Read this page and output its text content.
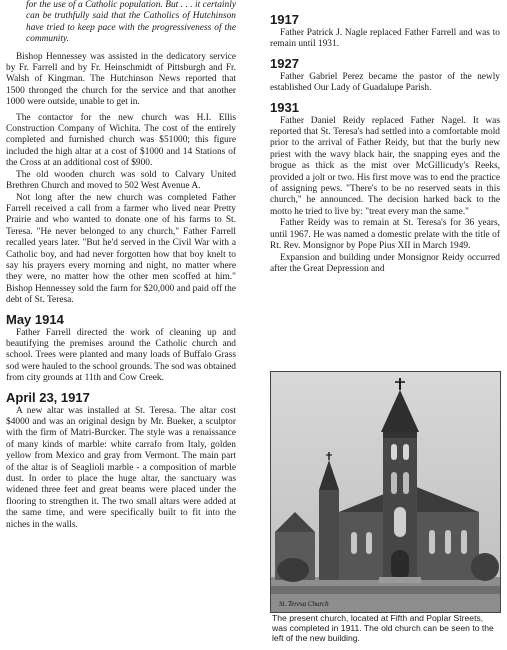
for the use of a Catholic population. But . . . it certainly can be truthfully said that the Catholics of Hutchinson have tried to keep pace with the progressiveness of the community.

Bishop Hennessey was assisted in the dedicatory service by Fr. Farrell and by Fr. Heinschmidt of Pittsburgh and Fr. Walsh of Kingman. The Hutchinson News reported that 1500 thronged the church for the service and that another 1000 were outside, unable to get in.

The contactor for the new church was H.I. Ellis Construction Company of Wichita. The cost of the entirely completed and furnished church was $51000; this figure included the high altar at a cost of $1000 and 14 Stations of the Cross at an additional cost of $900.

The old wooden church was sold to Calvary United Brethren Church and moved to 502 West Avenue A.

Not long after the new church was completed Father Farrell received a call from a farmer who lived near Pretty Prairie and who wanted to donate one of his farms to St. Teresa. "He never belonged to any church," Father Farrell recalled years later. "But he'd served in the Civil War with a Catholic boy, and had never forgotten how that boy knelt to say his prayers every morning and night, no matter where they were, no matter how the other men scoffed at him." Bishop Hennessey sold the farm for $20,000 and paid off the debt of St. Teresa.

May 1914

Father Farrell directed the work of cleaning up and beautifying the premises around the Catholic church and school. Trees were planted and many loads of Buffalo Grass sod were hauled to the school grounds. The sod was obtained from city grounds at 11th and Cow Creek.

April 23, 1917

A new altar was installed at St. Teresa. The altar cost $4000 and was an original design by Mr. Bueker, a sculptor with the firm of Matri-Burcker. The style was a renaissance of many kinds of marble: white carrafo from Italy, golden yellow from Mexico and gray from Vermont. The main part of the altar is of Seaglioli marble - a composition of marble dust. In order to place the huge altar, the sanctuary was widened three feet and great beams were placed under the flooring to strengthen it. The two small altars were added at the same time, and were specifically built to fit into the niches in the walls.

1917

Father Patrick J. Nagle replaced Father Farrell and was to remain until 1931.

1927

Father Gabriel Perez became the pastor of the newly established Our Lady of Guadalupe Parish.

1931

Father Daniel Reidy replaced Father Nagel. It was reported that St. Teresa's had settled into a comfortable mold prior to the arrival of Father Reidy, but that the burly new priest with the wavy black hair, the snapping eyes and the brogue as thick as the mist over McGillicudy's Reeks, provided a jolt or two. His first move was to end the practice of assigning pews. "There's to be no reserved seats in this church," he announced. The decision harked back to the motto he tried to live by: "treat every man the same."

Father Reidy was to remain at St. Teresa's for 36 years, until 1967. He was named a domestic prelate with the title of Rt. Rev. Monsignor by Pope Pius XII in March 1949.

Expansion and building under Monsignor Reidy occurred after the Great Depression and

St. Teresa Church
The present church, located at Fifth and Poplar Streets, was completed in 1911. The old church can be seen to the left of the new building.
